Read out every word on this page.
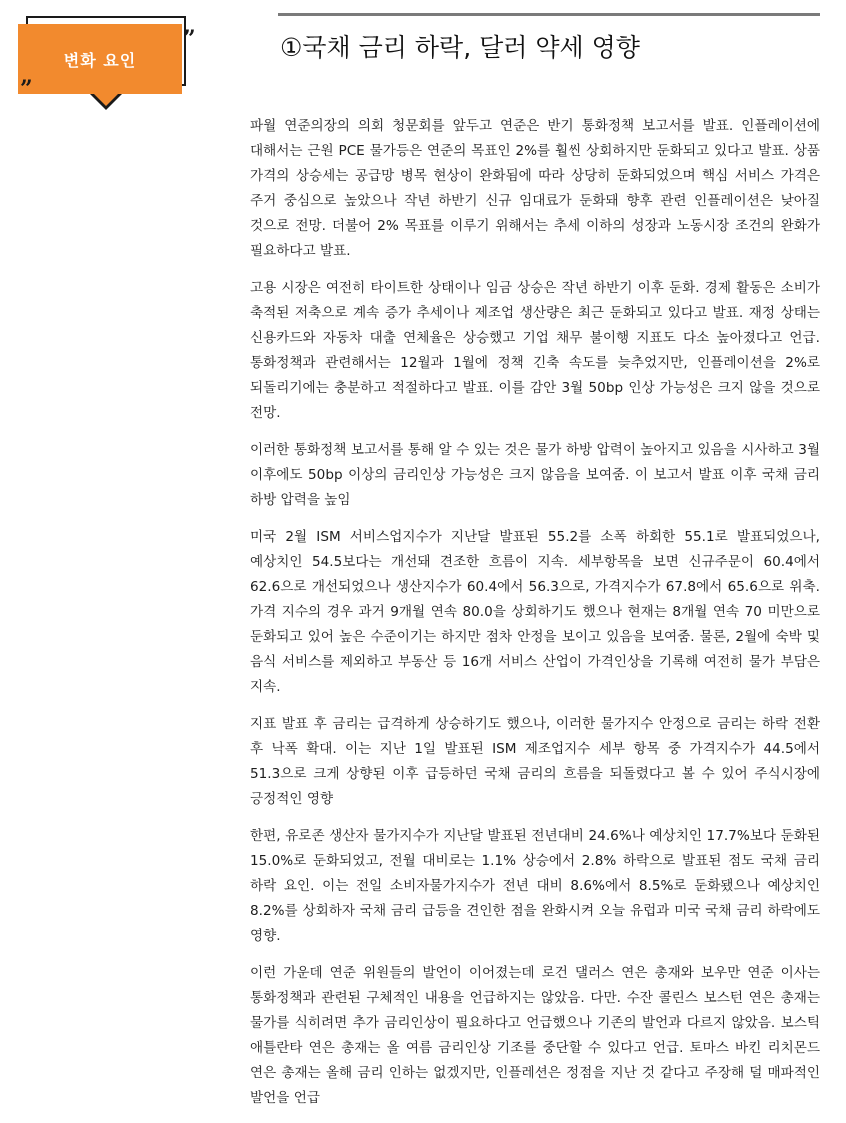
변화 요인
”
”
①국채 금리 하락, 달러 약세 영향

파월 연준의장의 의회 청문회를 앞두고 연준은 반기 통화정책 보고서를 발표. 인플레이션에 대해서는 근원 PCE 물가등은 연준의 목표인 2%를 훨씬 상회하지만 둔화되고 있다고 발표. 상품 가격의 상승세는 공급망 병목 현상이 완화됨에 따라 상당히 둔화되었으며 핵심 서비스 가격은 주거 중심으로 높았으나 작년 하반기 신규 임대료가 둔화돼 향후 관련 인플레이션은 낮아질 것으로 전망. 더불어 2% 목표를 이루기 위해서는 추세 이하의 성장과 노동시장 조건의 완화가 필요하다고 발표.

고용 시장은 여전히 타이트한 상태이나 임금 상승은 작년 하반기 이후 둔화. 경제 활동은 소비가 축적된 저축으로 계속 증가 추세이나 제조업 생산량은 최근 둔화되고 있다고 발표. 재정 상태는 신용카드와 자동차 대출 연체율은 상승했고 기업 채무 불이행 지표도 다소 높아졌다고 언급. 통화정책과 관련해서는 12월과 1월에 정책 긴축 속도를 늦추었지만, 인플레이션을 2%로 되돌리기에는 충분하고 적절하다고 발표. 이를 감안 3월 50bp 인상 가능성은 크지 않을 것으로 전망.

이러한 통화정책 보고서를 통해 알 수 있는 것은 물가 하방 압력이 높아지고 있음을 시사하고 3월 이후에도 50bp 이상의 금리인상 가능성은 크지 않음을 보여줌. 이 보고서 발표 이후 국채 금리 하방 압력을 높임

미국 2월 ISM 서비스업지수가 지난달 발표된 55.2를 소폭 하회한 55.1로 발표되었으나, 예상치인 54.5보다는 개선돼 견조한 흐름이 지속. 세부항목을 보면 신규주문이 60.4에서 62.6으로 개선되었으나 생산지수가 60.4에서 56.3으로, 가격지수가 67.8에서 65.6으로 위축. 가격 지수의 경우 과거 9개월 연속 80.0을 상회하기도 했으나 현재는 8개월 연속 70 미만으로 둔화되고 있어 높은 수준이기는 하지만 점차 안정을 보이고 있음을 보여줌. 물론, 2월에 숙박 및 음식 서비스를 제외하고 부동산 등 16개 서비스 산업이 가격인상을 기록해 여전히 물가 부담은 지속.

지표 발표 후 금리는 급격하게 상승하기도 했으나, 이러한 물가지수 안정으로 금리는 하락 전환 후 낙폭 확대. 이는 지난 1일 발표된 ISM 제조업지수 세부 항목 중 가격지수가 44.5에서 51.3으로 크게 상향된 이후 급등하던 국채 금리의 흐름을 되돌렸다고 볼 수 있어 주식시장에 긍정적인 영향

한편, 유로존 생산자 물가지수가 지난달 발표된 전년대비 24.6%나 예상치인 17.7%보다 둔화된 15.0%로 둔화되었고, 전월 대비로는 1.1% 상승에서 2.8% 하락으로 발표된 점도 국채 금리 하락 요인. 이는 전일 소비자물가지수가 전년 대비 8.6%에서 8.5%로 둔화됐으나 예상치인 8.2%를 상회하자 국채 금리 급등을 견인한 점을 완화시켜 오늘 유럽과 미국 국채 금리 하락에도 영향.

이런 가운데 연준 위원들의 발언이 이어졌는데 로건 댈러스 연은 총재와 보우만 연준 이사는 통화정책과 관련된 구체적인 내용을 언급하지는 않았음. 다만. 수잔 콜린스 보스턴 연은 총재는 물가를 식히려면 추가 금리인상이 필요하다고 언급했으나 기존의 발언과 다르지 않았음. 보스틱 애틀란타 연은 총재는 올 여름 금리인상 기조를 중단할 수 있다고 언급. 토마스 바킨 리치몬드 연은 총재는 올해 금리 인하는 없겠지만, 인플레션은 정점을 지난 것 같다고 주장해 덜 매파적인 발언을 언급
